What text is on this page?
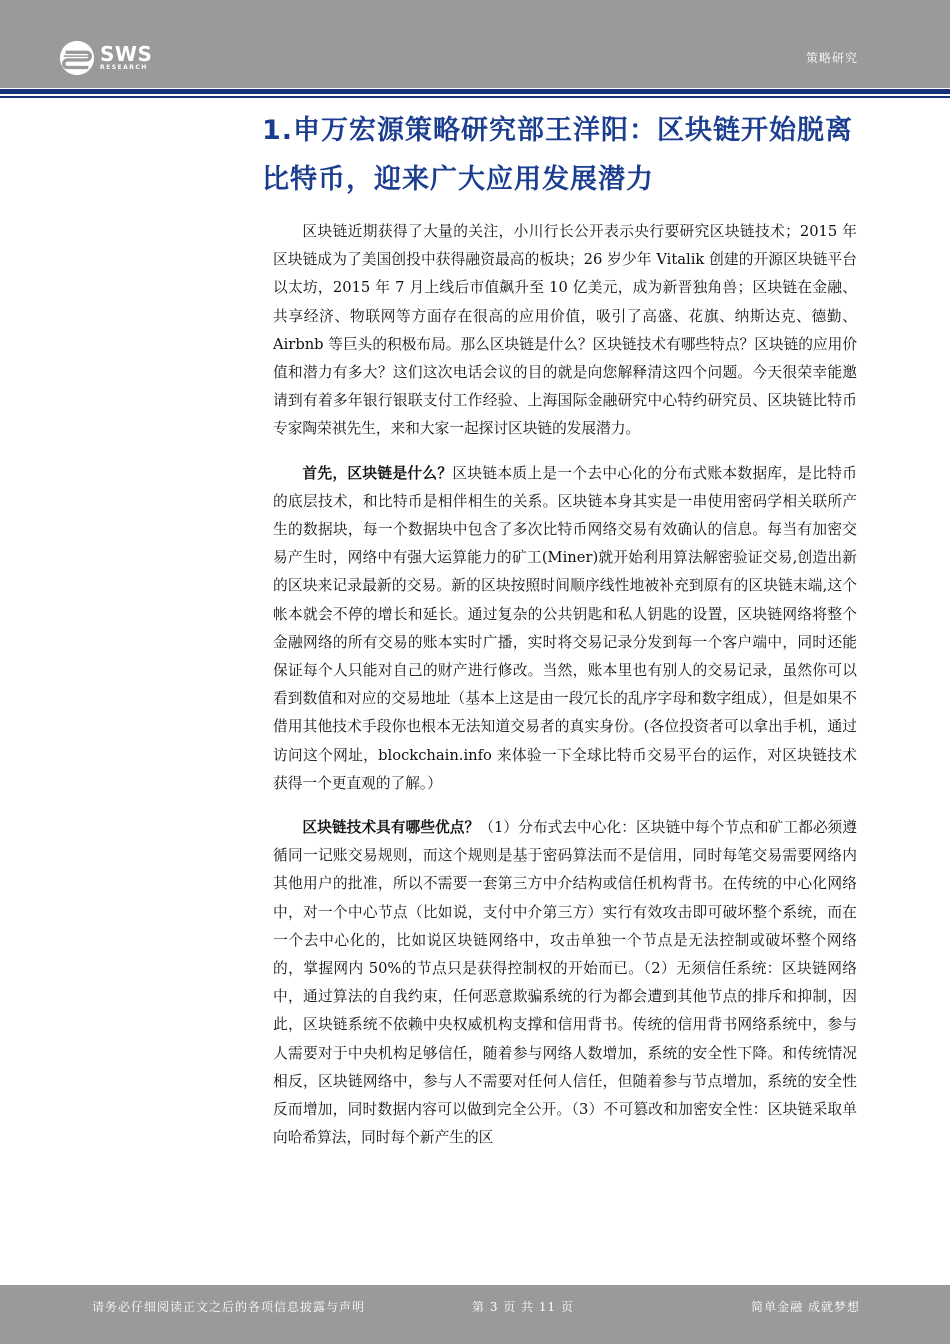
SWS
RESEARCH
策略研究
1.申万宏源策略研究部王洋阳：区块链开始脱离比特币，迎来广大应用发展潜力

区块链近期获得了大量的关注，小川行长公开表示央行要研究区块链技术；2015 年区块链成为了美国创投中获得融资最高的板块；26 岁少年 Vitalik 创建的开源区块链平台以太坊，2015 年 7 月上线后市值飙升至 10 亿美元，成为新晋独角兽；区块链在金融、共享经济、物联网等方面存在很高的应用价值，吸引了高盛、花旗、纳斯达克、德勤、Airbnb 等巨头的积极布局。那么区块链是什么？区块链技术有哪些特点？区块链的应用价值和潜力有多大？这们这次电话会议的目的就是向您解释清这四个问题。今天很荣幸能邀请到有着多年银行银联支付工作经验、上海国际金融研究中心特约研究员、区块链比特币专家陶荣祺先生，来和大家一起探讨区块链的发展潜力。

首先，区块链是什么？区块链本质上是一个去中心化的分布式账本数据库，是比特币的底层技术，和比特币是相伴相生的关系。区块链本身其实是一串使用密码学相关联所产生的数据块，每一个数据块中包含了多次比特币网络交易有效确认的信息。每当有加密交易产生时，网络中有强大运算能力的矿工(Miner)就开始利用算法解密验证交易,创造出新的区块来记录最新的交易。新的区块按照时间顺序线性地被补充到原有的区块链末端,这个帐本就会不停的增长和延长。通过复杂的公共钥匙和私人钥匙的设置，区块链网络将整个金融网络的所有交易的账本实时广播，实时将交易记录分发到每一个客户端中，同时还能保证每个人只能对自己的财产进行修改。当然，账本里也有别人的交易记录，虽然你可以看到数值和对应的交易地址（基本上这是由一段冗长的乱序字母和数字组成），但是如果不借用其他技术手段你也根本无法知道交易者的真实身份。(各位投资者可以拿出手机，通过访问这个网址，blockchain.info 来体验一下全球比特币交易平台的运作，对区块链技术获得一个更直观的了解。）

区块链技术具有哪些优点？（1）分布式去中心化：区块链中每个节点和矿工都必须遵循同一记账交易规则，而这个规则是基于密码算法而不是信用，同时每笔交易需要网络内其他用户的批准，所以不需要一套第三方中介结构或信任机构背书。在传统的中心化网络中，对一个中心节点（比如说，支付中介第三方）实行有效攻击即可破坏整个系统，而在一个去中心化的，比如说区块链网络中，攻击单独一个节点是无法控制或破坏整个网络的，掌握网内 50%的节点只是获得控制权的开始而已。（2）无须信任系统：区块链网络中，通过算法的自我约束，任何恶意欺骗系统的行为都会遭到其他节点的排斥和抑制，因此，区块链系统不依赖中央权威机构支撑和信用背书。传统的信用背书网络系统中，参与人需要对于中央机构足够信任，随着参与网络人数增加，系统的安全性下降。和传统情况相反，区块链网络中，参与人不需要对任何人信任，但随着参与节点增加，系统的安全性反而增加，同时数据内容可以做到完全公开。（3）不可篡改和加密安全性：区块链采取单向哈希算法，同时每个新产生的区

请务必仔细阅读正文之后的各项信息披露与声明	第 3 页 共 11 页	简单金融 成就梦想
